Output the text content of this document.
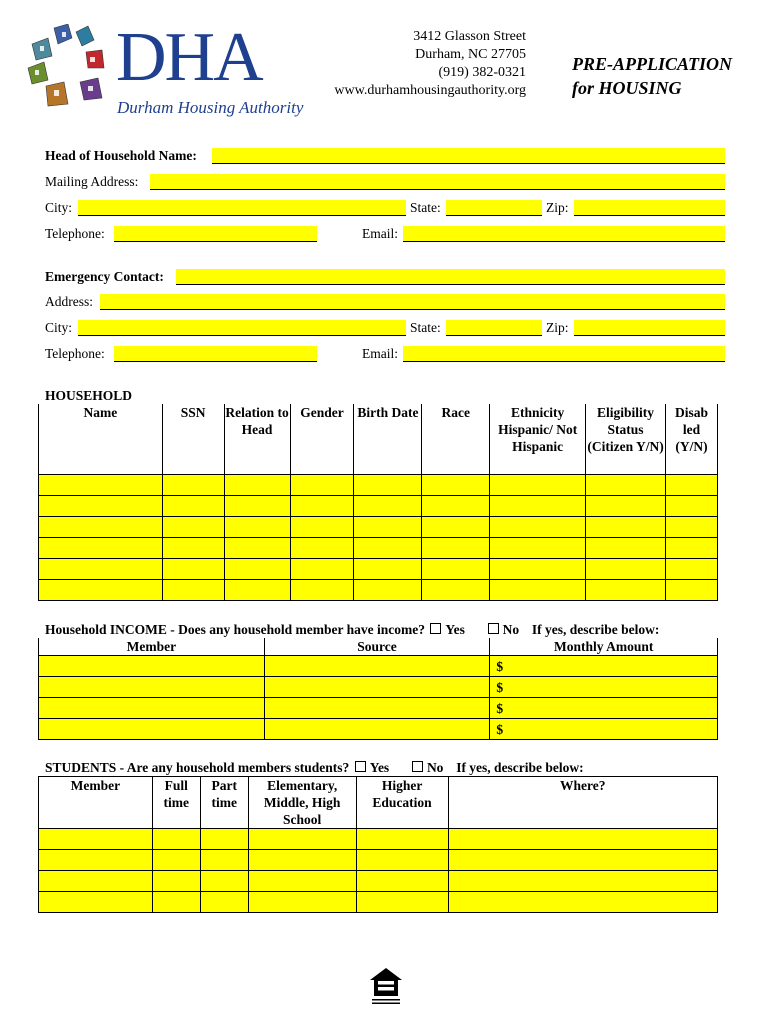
DHA
Durham Housing Authority
3412 Glasson Street
Durham, NC 27705
(919) 382-0321
www.durhamhousingauthority.org
PRE-APPLICATION
for HOUSING
Head of Household Name:
Mailing Address:
City:	State:	Zip:
Telephone:	Email:
Emergency Contact:
Address:
City:	State:	Zip:
Telephone:	Email:
HOUSEHOLD
Name	SSN	Relation to Head	Gender	Birth Date	Race	Ethnicity Hispanic/ Not Hispanic	Eligibility Status (Citizen Y/N)	Disab led (Y/N)

Household INCOME - Does any household member have income? Yes	No If yes, describe below:
Member	Source	Monthly Amount
		$
		$
		$
		$
STUDENTS - Are any household members students? Yes	No If yes, describe below:
Member	Full time	Part time	Elementary, Middle, High School	Higher Education	Where?
